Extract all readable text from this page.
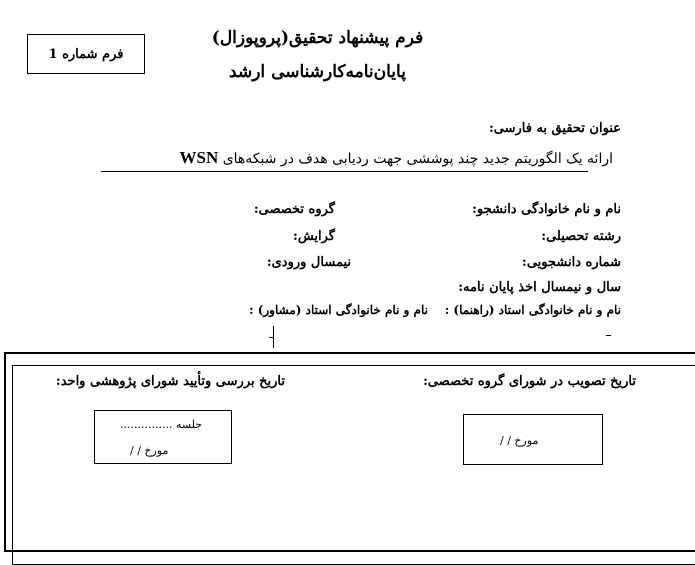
فرم شماره 1
فرم پیشنهاد تحقیق(پروپوزال)
پایان‌نامه‌کارشناسی ارشد
عنوان تحقیق به فارسی:
ارائه یک الگوریتم جدید چند پوششی جهت ردیابی هدف در شبکه‌های WSN
نام و نام خانوادگی دانشجو:
گروه تخصصی:
رشته تحصیلی:
گرایش:
شماره دانشجویی:
نیمسال ورودی:
سال و نیمسال اخذ پایان نامه:
نام و نام خانوادگی استاد (راهنما) :
نام و نام خانوادگی استاد (مشاور) :
تاریخ تصویب در شورای گروه تخصصی:
تاریخ بررسی وتأیید شورای پژوهشی واحد:
مورخ / /
جلسه ...............
مورخ / /
